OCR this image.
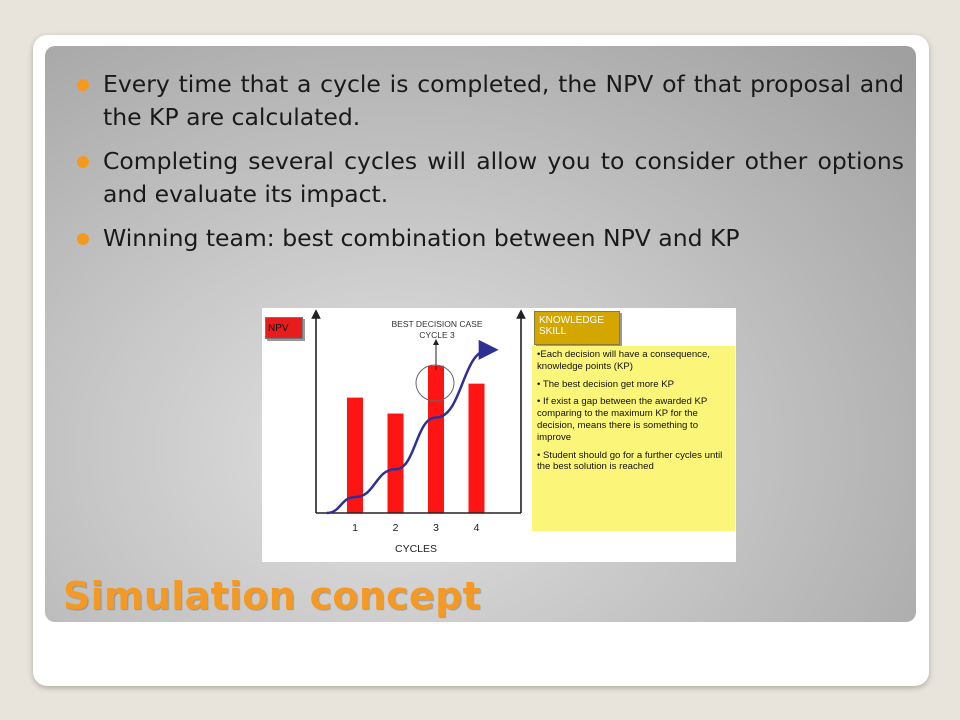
Every time that a cycle is completed, the NPV of that proposal and the KP are calculated.
Completing several cycles will allow you to consider other options and evaluate its impact.
Winning team: best combination between NPV and KP
BEST DECISION CASE
CYCLE 3
1	2	3	4
CYCLES
NPV
KNOWLEDGE
SKILL

•Each decision will have a consequence, knowledge points (KP)

• The best decision get more KP

• If exist a gap between the awarded KP comparing to the maximum KP for the decision, means there is something to improve

• Student should go for a further cycles until the best solution is reached

Simulation concept
